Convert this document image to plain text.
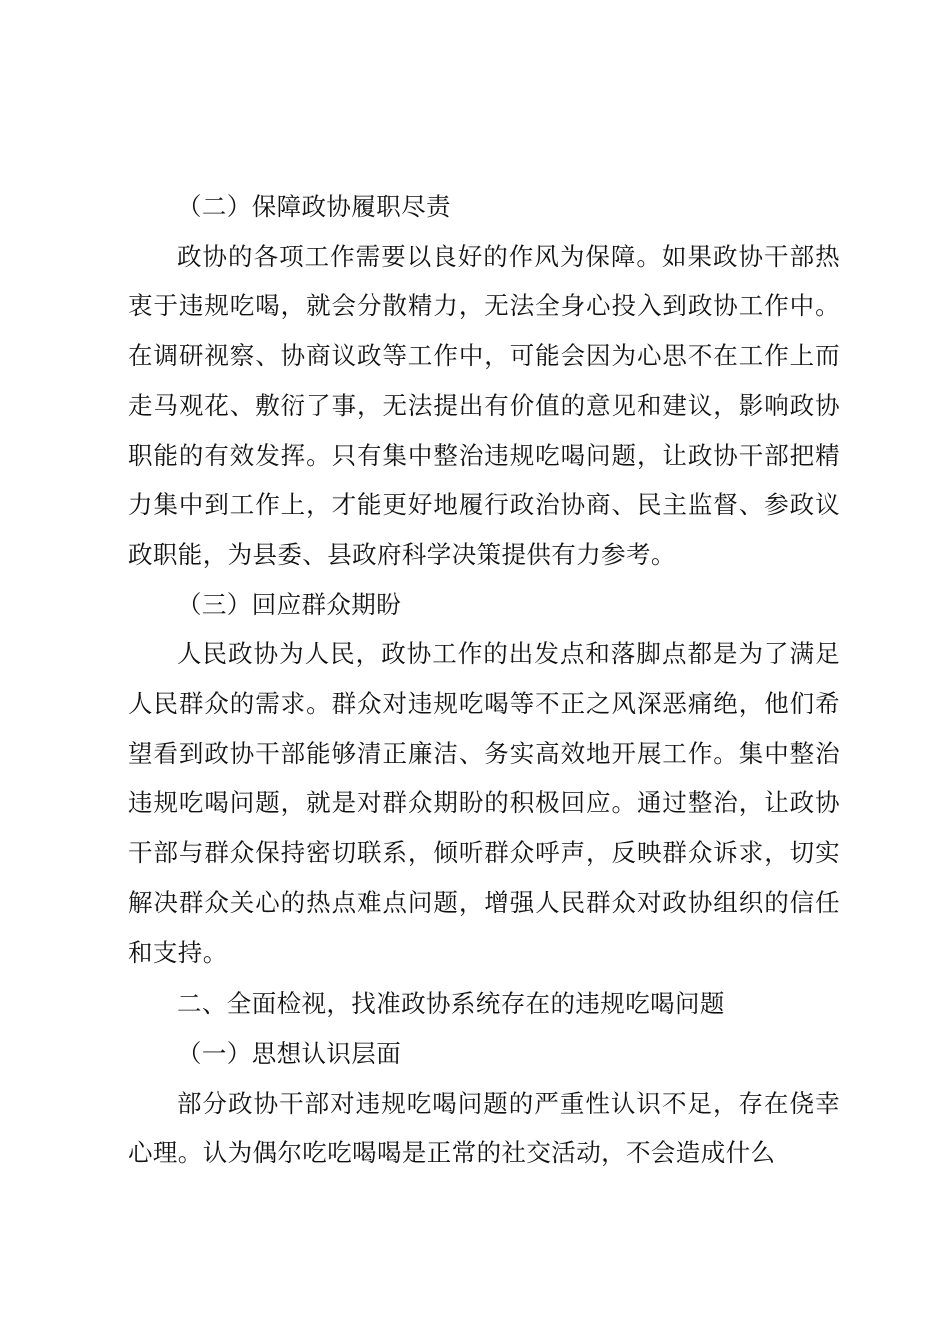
（二）保障政协履职尽责

政协的各项工作需要以良好的作风为保障。如果政协干部热衷于违规吃喝，就会分散精力，无法全身心投入到政协工作中。在调研视察、协商议政等工作中，可能会因为心思不在工作上而走马观花、敷衍了事，无法提出有价值的意见和建议，影响政协职能的有效发挥。只有集中整治违规吃喝问题，让政协干部把精力集中到工作上，才能更好地履行政治协商、民主监督、参政议政职能，为县委、县政府科学决策提供有力参考。

（三）回应群众期盼

人民政协为人民，政协工作的出发点和落脚点都是为了满足人民群众的需求。群众对违规吃喝等不正之风深恶痛绝，他们希望看到政协干部能够清正廉洁、务实高效地开展工作。集中整治违规吃喝问题，就是对群众期盼的积极回应。通过整治，让政协干部与群众保持密切联系，倾听群众呼声，反映群众诉求，切实解决群众关心的热点难点问题，增强人民群众对政协组织的信任和支持。

二、全面检视，找准政协系统存在的违规吃喝问题

（一）思想认识层面

部分政协干部对违规吃喝问题的严重性认识不足，存在侥幸心理。认为偶尔吃吃喝喝是正常的社交活动，不会造成什么
